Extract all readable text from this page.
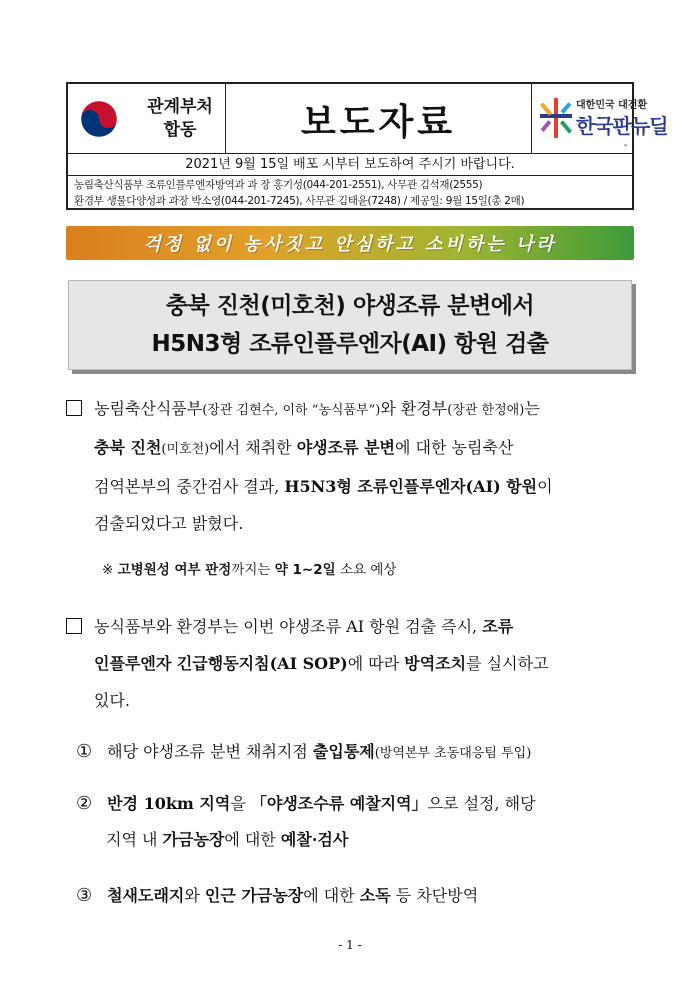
관계부처
합동	보도자료	대한민국 대전환
한국판뉴딜
-
2021년 9월 15일 배포 시부터 보도하여 주시기 바랍니다.
농림축산식품부 조류인플루엔자방역과 과 장 홍기성(044-201-2551), 사무관 김석재(2555)
환경부 생물다양성과 과장 박소영(044-201-7245), 사무관 김태윤(7248) / 제공일: 9월 15일(총 2매)
걱정 없이 농사짓고 안심하고 소비하는 나라
충북 진천(미호천) 야생조류 분변에서
H5N3형 조류인플루엔자(AI) 항원 검출
농림축산식품부(장관 김현수, 이하 “농식품부”)와 환경부(장관 한정애)는
충북 진천(미호천)에서 채취한 야생조류 분변에 대한 농림축산
검역본부의 중간검사 결과, H5N3형 조류인플루엔자(AI) 항원이
검출되었다고 밝혔다.
※ 고병원성 여부 판정까지는 약 1∼2일 소요 예상
농식품부와 환경부는 이번 야생조류 AI 항원 검출 즉시, 조류
인플루엔자 긴급행동지침(AI SOP)에 따라 방역조치를 실시하고
있다.
① 해당 야생조류 분변 채취지점 출입통제(방역본부 초동대응팀 투입)
② 반경 10km 지역을 「야생조수류 예찰지역」으로 설정, 해당
지역 내 가금농장에 대한 예찰·검사
③ 철새도래지와 인근 가금농장에 대한 소독 등 차단방역
- 1 -
